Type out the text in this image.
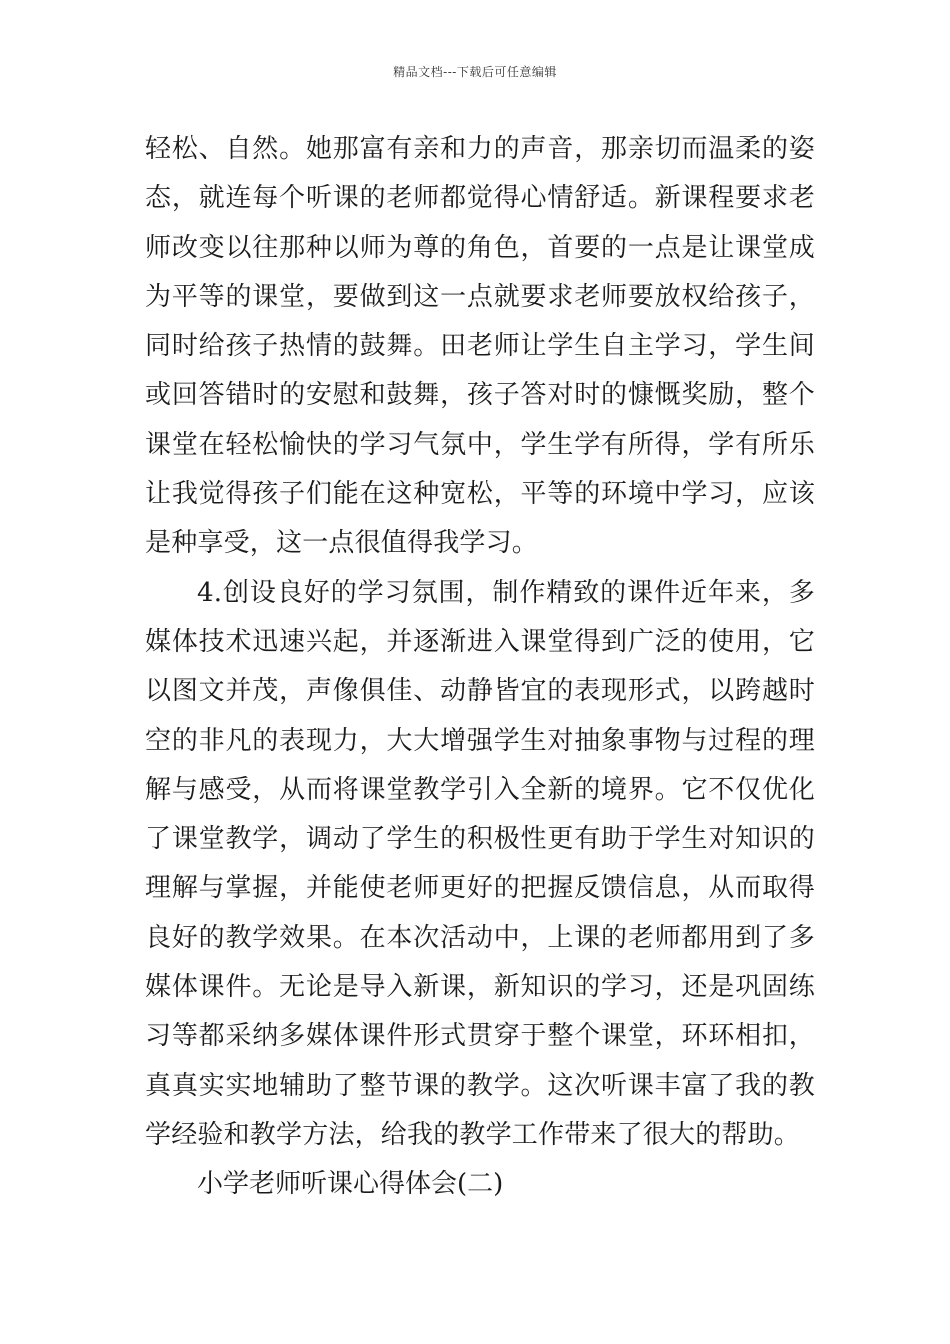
精品文档---下载后可任意编辑

轻松、自然。她那富有亲和力的声音，那亲切而温柔的姿态，就连每个听课的老师都觉得心情舒适。新课程要求老师改变以往那种以师为尊的角色，首要的一点是让课堂成为平等的课堂，要做到这一点就要求老师要放权给孩子，同时给孩子热情的鼓舞。田老师让学生自主学习，学生间或回答错时的安慰和鼓舞，孩子答对时的慷慨奖励，整个课堂在轻松愉快的学习气氛中，学生学有所得，学有所乐让我觉得孩子们能在这种宽松，平等的环境中学习，应该是种享受，这一点很值得我学习。

4.创设良好的学习氛围，制作精致的课件近年来，多媒体技术迅速兴起，并逐渐进入课堂得到广泛的使用，它以图文并茂，声像俱佳、动静皆宜的表现形式，以跨越时空的非凡的表现力，大大增强学生对抽象事物与过程的理解与感受，从而将课堂教学引入全新的境界。它不仅优化了课堂教学，调动了学生的积极性更有助于学生对知识的理解与掌握，并能使老师更好的把握反馈信息，从而取得良好的教学效果。在本次活动中，上课的老师都用到了多媒体课件。无论是导入新课，新知识的学习，还是巩固练习等都采纳多媒体课件形式贯穿于整个课堂，环环相扣，真真实实地辅助了整节课的教学。这次听课丰富了我的教学经验和教学方法，给我的教学工作带来了很大的帮助。

小学老师听课心得体会(二)
